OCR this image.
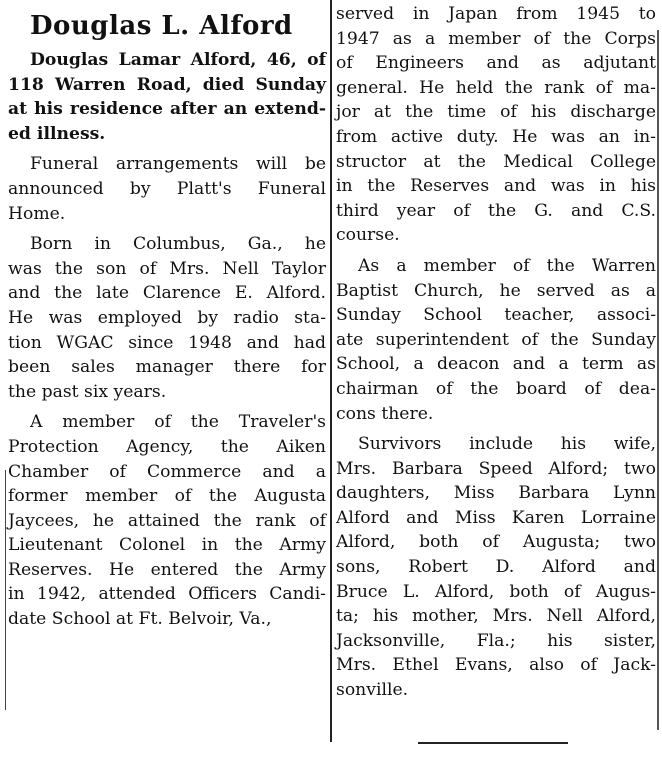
Douglas L. Alford
Douglas Lamar Alford, 46, of
118 Warren Road, died Sunday
at his residence after an extend-
ed illness.
Funeral arrangements will be
announced by Platt's Funeral
Home.
Born in Columbus, Ga., he
was the son of Mrs. Nell Taylor
and the late Clarence E. Alford.
He was employed by radio sta-
tion WGAC since 1948 and had
been sales manager there for
the past six years.
A member of the Traveler's
Protection Agency, the Aiken
Chamber of Commerce and a
former member of the Augusta
Jaycees, he attained the rank of
Lieutenant Colonel in the Army
Reserves. He entered the Army
in 1942, attended Officers Candi-
date School at Ft. Belvoir, Va.,
served in Japan from 1945 to
1947 as a member of the Corps
of Engineers and as adjutant
general. He held the rank of ma-
jor at the time of his discharge
from active duty. He was an in-
structor at the Medical College
in the Reserves and was in his
third year of the G. and C.S.
course.
As a member of the Warren
Baptist Church, he served as a
Sunday School teacher, associ-
ate superintendent of the Sunday
School, a deacon and a term as
chairman of the board of dea-
cons there.
Survivors include his wife,
Mrs. Barbara Speed Alford; two
daughters, Miss Barbara Lynn
Alford and Miss Karen Lorraine
Alford, both of Augusta; two
sons, Robert D. Alford and
Bruce L. Alford, both of Augus-
ta; his mother, Mrs. Nell Alford,
Jacksonville, Fla.; his sister,
Mrs. Ethel Evans, also of Jack-
sonville.
